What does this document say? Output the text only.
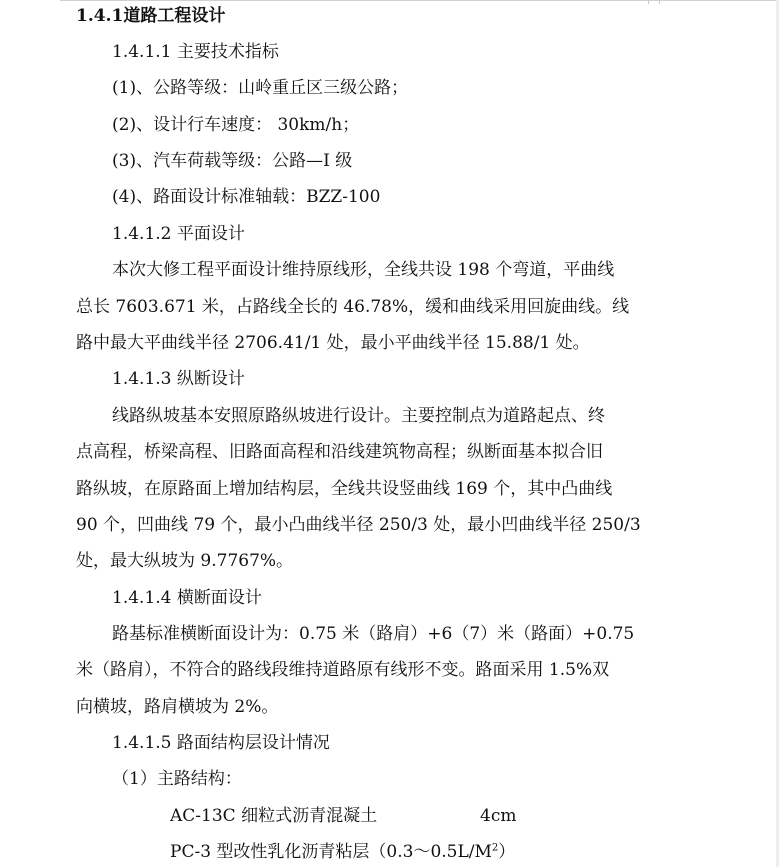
1.4.1道路工程设计
1.4.1.1 主要技术指标
(1)、公路等级：山岭重丘区三级公路；
(2)、设计行车速度： 30km/h；
(3)、汽车荷载等级：公路—I 级
(4)、路面设计标准轴载：BZZ-100
1.4.1.2 平面设计
本次大修工程平面设计维持原线形，全线共设 198 个弯道，平曲线
总长 7603.671 米，占路线全长的 46.78%，缓和曲线采用回旋曲线。线
路中最大平曲线半径 2706.41/1 处，最小平曲线半径 15.88/1 处。
1.4.1.3 纵断设计
线路纵坡基本安照原路纵坡进行设计。主要控制点为道路起点、终
点高程，桥梁高程、旧路面高程和沿线建筑物高程；纵断面基本拟合旧
路纵坡，在原路面上增加结构层，全线共设竖曲线 169 个，其中凸曲线
90 个，凹曲线 79 个，最小凸曲线半径 250/3 处，最小凹曲线半径 250/3
处，最大纵坡为 9.7767%。
1.4.1.4 横断面设计
路基标准横断面设计为：0.75 米（路肩）+6（7）米（路面）+0.75
米（路肩），不符合的路线段维持道路原有线形不变。路面采用 1.5%双
向横坡，路肩横坡为 2%。
1.4.1.5 路面结构层设计情况
（1）主路结构：
AC-13C 细粒式沥青混凝土	4cm
PC-3 型改性乳化沥青粘层$(0.3\sim 0.5L/M^2)$
